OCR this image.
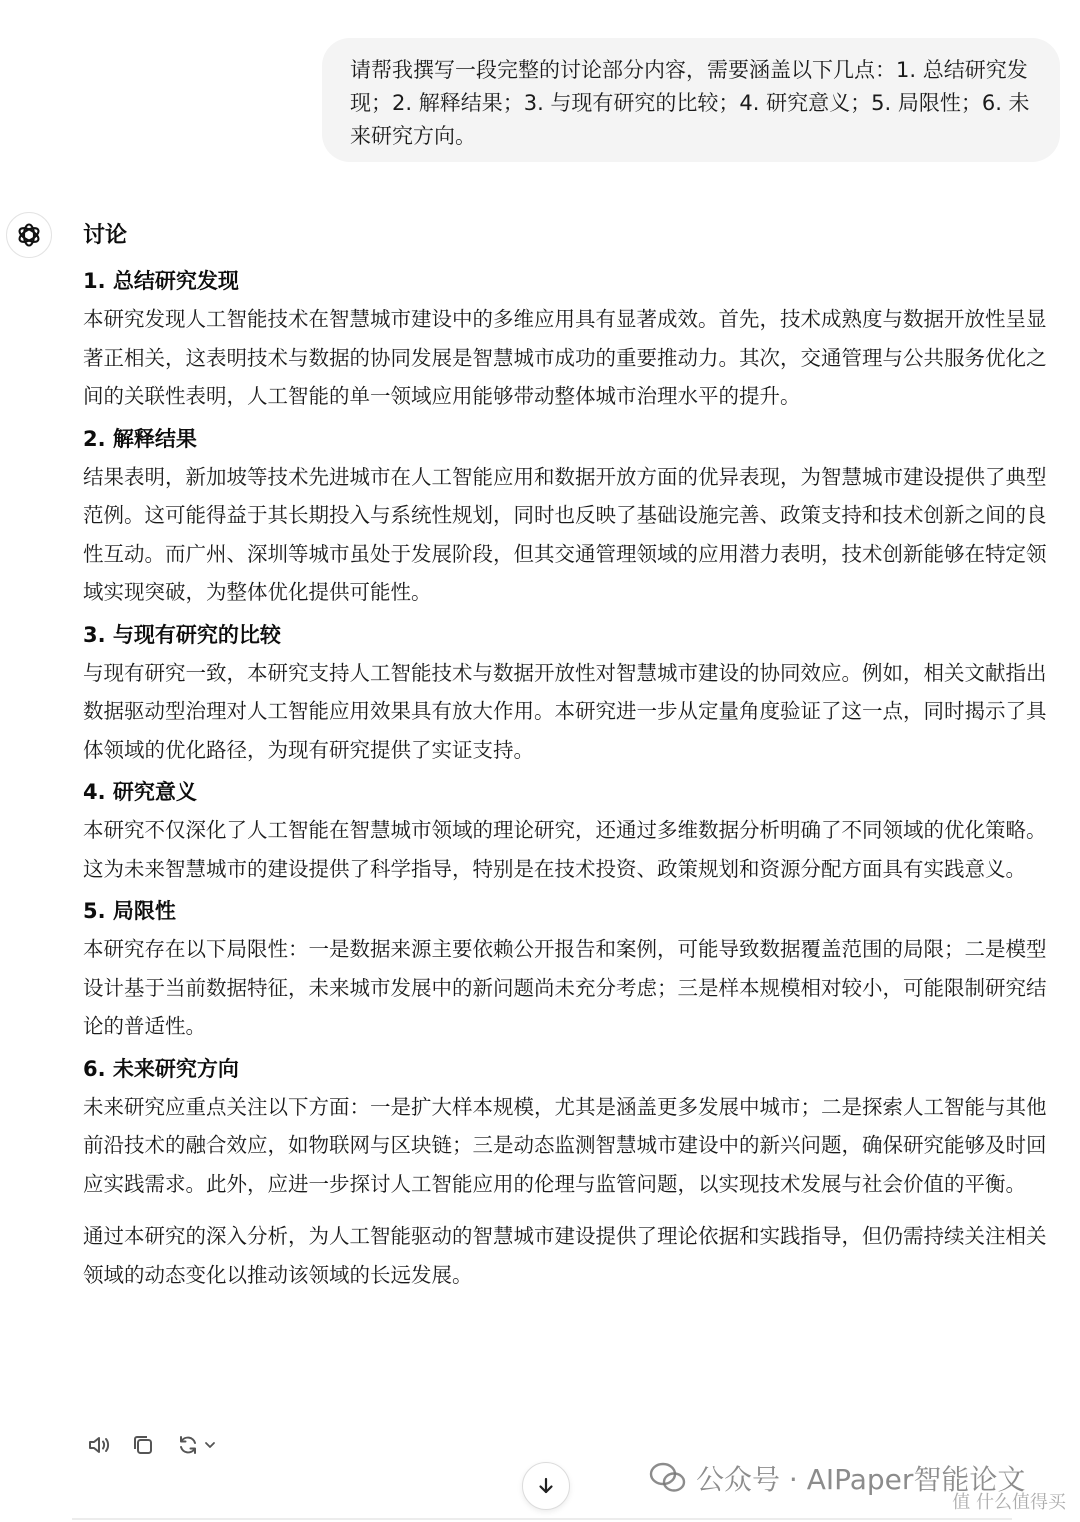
请帮我撰写一段完整的讨论部分内容，需要涵盖以下几点：1. 总结研究发现；2. 解释结果；3. 与现有研究的比较；4. 研究意义；5. 局限性；6. 未来研究方向。
讨论
1. 总结研究发现

本研究发现人工智能技术在智慧城市建设中的多维应用具有显著成效。首先，技术成熟度与数据开放性呈显著正相关，这表明技术与数据的协同发展是智慧城市成功的重要推动力。其次，交通管理与公共服务优化之间的关联性表明，人工智能的单一领域应用能够带动整体城市治理水平的提升。

2. 解释结果

结果表明，新加坡等技术先进城市在人工智能应用和数据开放方面的优异表现，为智慧城市建设提供了典型范例。这可能得益于其长期投入与系统性规划，同时也反映了基础设施完善、政策支持和技术创新之间的良性互动。而广州、深圳等城市虽处于发展阶段，但其交通管理领域的应用潜力表明，技术创新能够在特定领域实现突破，为整体优化提供可能性。

3. 与现有研究的比较

与现有研究一致，本研究支持人工智能技术与数据开放性对智慧城市建设的协同效应。例如，相关文献指出数据驱动型治理对人工智能应用效果具有放大作用。本研究进一步从定量角度验证了这一点，同时揭示了具体领域的优化路径，为现有研究提供了实证支持。

4. 研究意义

本研究不仅深化了人工智能在智慧城市领域的理论研究，还通过多维数据分析明确了不同领域的优化策略。这为未来智慧城市的建设提供了科学指导，特别是在技术投资、政策规划和资源分配方面具有实践意义。

5. 局限性

本研究存在以下局限性：一是数据来源主要依赖公开报告和案例，可能导致数据覆盖范围的局限；二是模型设计基于当前数据特征，未来城市发展中的新问题尚未充分考虑；三是样本规模相对较小，可能限制研究结论的普适性。

6. 未来研究方向

未来研究应重点关注以下方面：一是扩大样本规模，尤其是涵盖更多发展中城市；二是探索人工智能与其他前沿技术的融合效应，如物联网与区块链；三是动态监测智慧城市建设中的新兴问题，确保研究能够及时回应实践需求。此外，应进一步探讨人工智能应用的伦理与监管问题，以实现技术发展与社会价值的平衡。

通过本研究的深入分析，为人工智能驱动的智慧城市建设提供了理论依据和实践指导，但仍需持续关注相关领域的动态变化以推动该领域的长远发展。

公众号 · AIPaper智能论文
值 什么值得买
